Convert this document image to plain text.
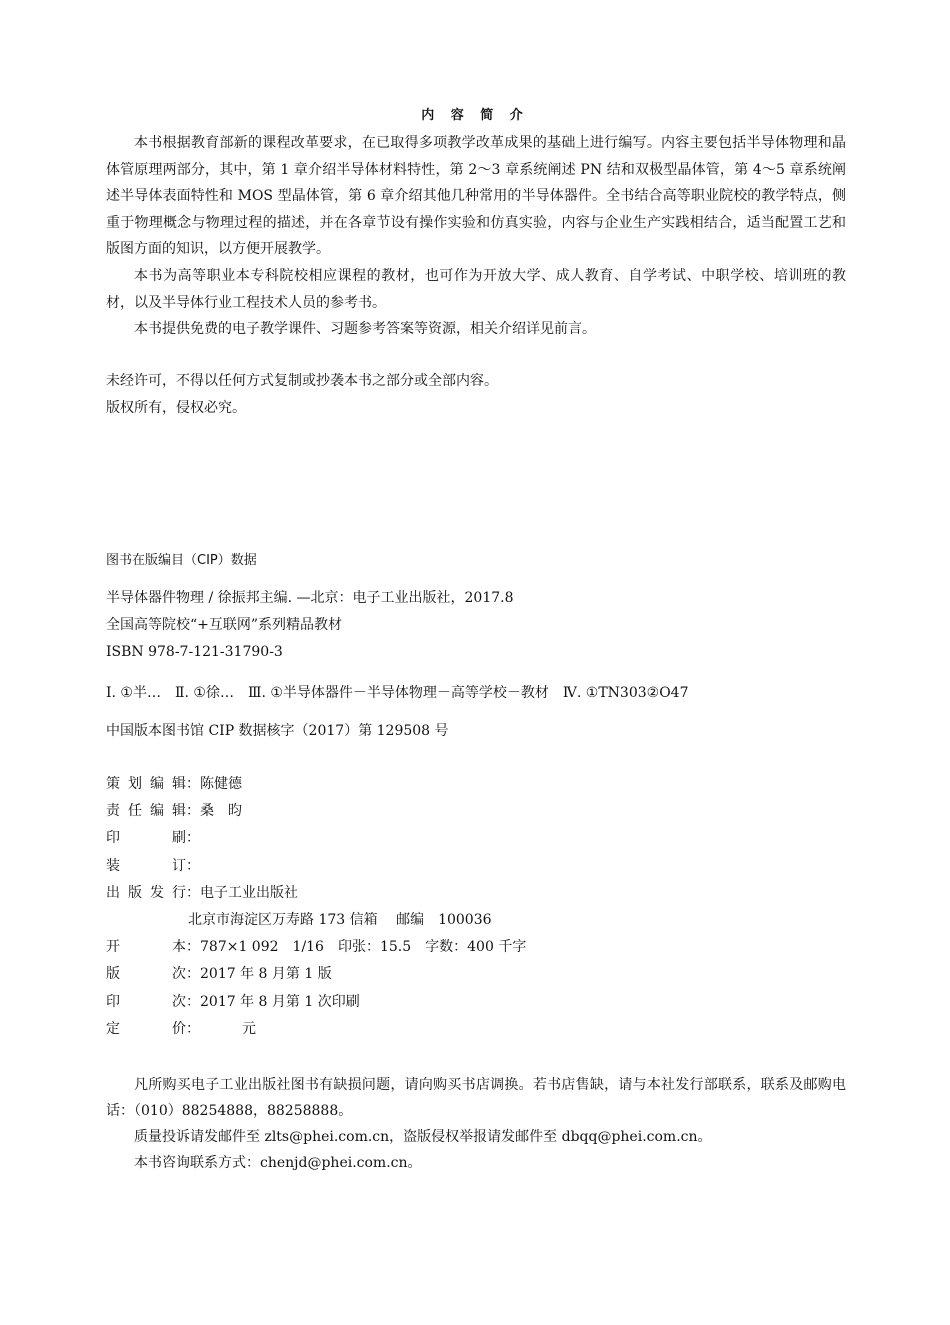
内 容 简 介

本书根据教育部新的课程改革要求，在已取得多项教学改革成果的基础上进行编写。内容主要包括半导体物理和晶体管原理两部分，其中，第 1 章介绍半导体材料特性，第 2～3 章系统阐述 PN 结和双极型晶体管，第 4～5 章系统阐述半导体表面特性和 MOS 型晶体管，第 6 章介绍其他几种常用的半导体器件。全书结合高等职业院校的教学特点，侧重于物理概念与物理过程的描述，并在各章节设有操作实验和仿真实验，内容与企业生产实践相结合，适当配置工艺和版图方面的知识，以方便开展教学。

本书为高等职业本专科院校相应课程的教材，也可作为开放大学、成人教育、自学考试、中职学校、培训班的教材，以及半导体行业工程技术人员的参考书。

本书提供免费的电子教学课件、习题参考答案等资源，相关介绍详见前言。

未经许可，不得以任何方式复制或抄袭本书之部分或全部内容。
版权所有，侵权必究。
图书在版编目（CIP）数据
半导体器件物理 / 徐振邦主编. —北京：电子工业出版社，2017.8
全国高等院校“+互联网”系列精品教材
ISBN 978-7-121-31790-3
Ⅰ. ①半…　Ⅱ. ①徐…　Ⅲ. ①半导体器件－半导体物理－高等学校－教材　Ⅳ. ①TN303②O47
中国版本图书馆 CIP 数据核字（2017）第 129508 号
策划编辑：陈健德
责任编辑：桑　昀
印刷：
装订：
出版发行：电子工业出版社
北京市海淀区万寿路 173 信箱　 邮编　100036
开本：787×1 092　1/16　印张：15.5　字数：400 千字
版次：2017 年 8 月第 1 版
印次：2017 年 8 月第 1 次印刷
定价：	元

凡所购买电子工业出版社图书有缺损问题，请向购买书店调换。若书店售缺，请与本社发行部联系，联系及邮购电话：（010）88254888，88258888。

质量投诉请发邮件至 zlts@phei.com.cn，盗版侵权举报请发邮件至 dbqq@phei.com.cn。

本书咨询联系方式：chenjd@phei.com.cn。
